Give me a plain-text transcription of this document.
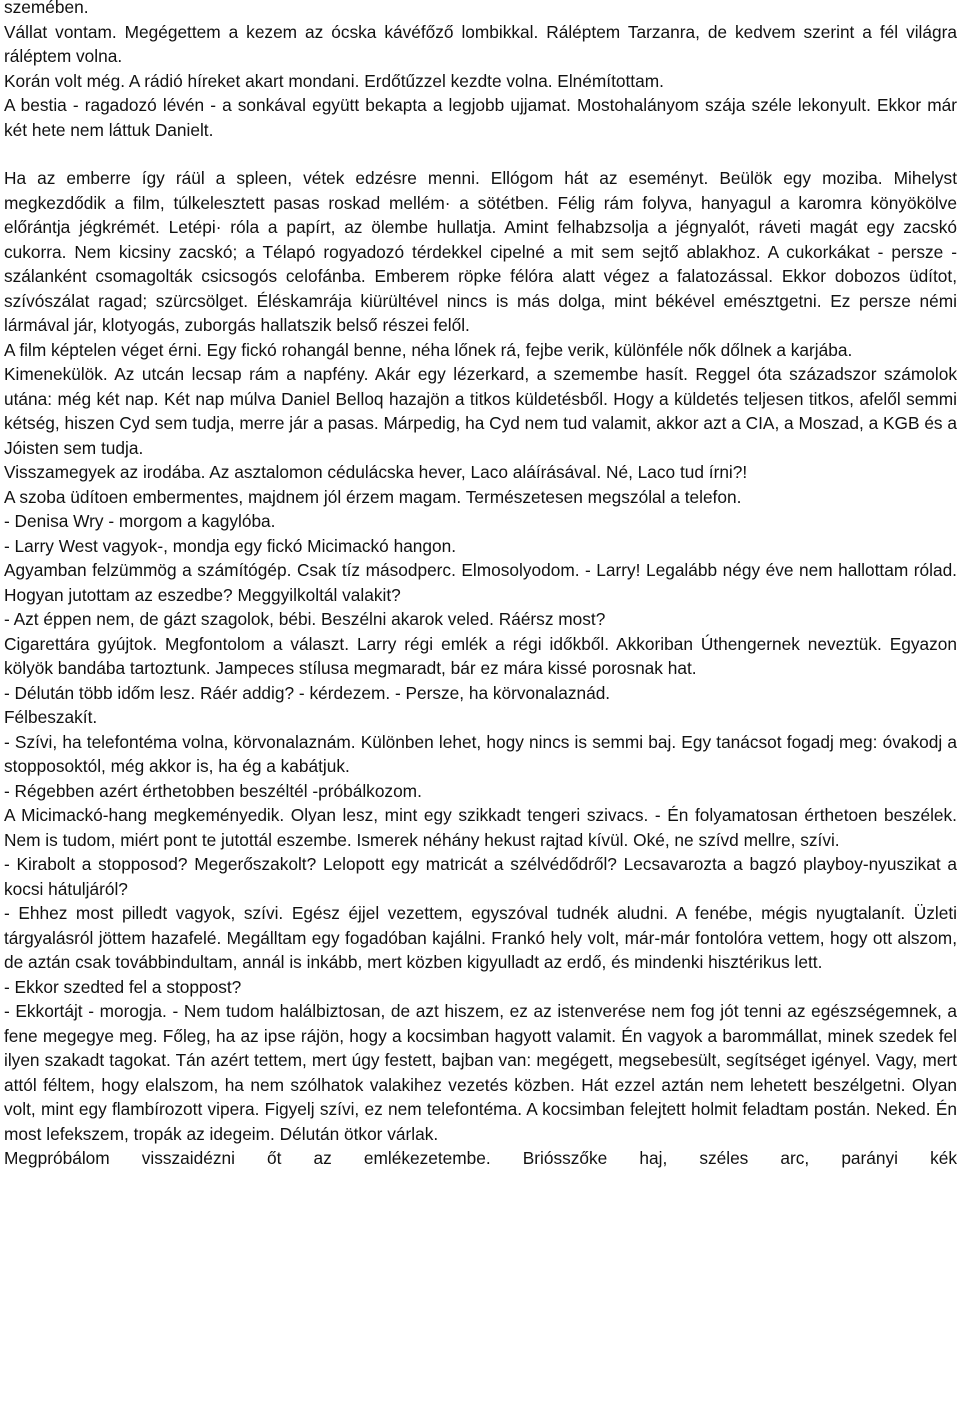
szemében.

Vállat vontam. Megégettem a kezem az ócska kávéfőző lombikkal. Ráléptem Tarzanra, de kedvem szerint a fél világra ráléptem volna.

Korán volt még. A rádió híreket akart mondani. Erdőtűzzel kezdte volna. Elnémítottam.

A bestia - ragadozó lévén - a sonkával együtt bekapta a legjobb ujjamat. Mostohalányom szája széle lekonyult. Ekkor már két hete nem láttuk Danielt.

Ha az emberre így ráül a spleen, vétek edzésre menni. Ellógom hát az eseményt. Beülök egy moziba. Mihelyst megkezdődik a film, túlkelesztett pasas roskad mellém· a sötétben. Félig rám folyva, hanyagul a karomra könyökölve előrántja jégkrémét. Letépi· róla a papírt, az ölembe hullatja. Amint felhabzsolja a jégnyalót, ráveti magát egy zacskó cukorra. Nem kicsiny zacskó; a Télapó rogyadozó térdekkel cipelné a mit sem sejtő ablakhoz. A cukorkákat - persze - szálanként csomagolták csicsogós celofánba. Emberem röpke félóra alatt végez a falatozással. Ekkor dobozos üdítot, szívószálat ragad; szürcsölget. Éléskamrája kiürültével nincs is más dolga, mint békével emésztgetni. Ez persze némi lármával jár, klotyogás, zuborgás hallatszik belső részei felől.

A film képtelen véget érni. Egy fickó rohangál benne, néha lőnek rá, fejbe verik, különféle nők dőlnek a karjába.

Kimenekülök. Az utcán lecsap rám a napfény. Akár egy lézerkard, a szemembe hasít. Reggel óta századszor számolok utána: még két nap. Két nap múlva Daniel Belloq hazajön a titkos küldetésből. Hogy a küldetés teljesen titkos, afelől semmi kétség, hiszen Cyd sem tudja, merre jár a pasas. Márpedig, ha Cyd nem tud valamit, akkor azt a CIA, a Moszad, a KGB és a Jóisten sem tudja.

Visszamegyek az irodába. Az asztalomon cédulácska hever, Laco aláírásával. Né, Laco tud írni?!

A szoba üdítoen embermentes, majdnem jól érzem magam. Természetesen megszólal a telefon.

- Denisa Wry - morgom a kagylóba.

- Larry West vagyok-, mondja egy fickó Micimackó hangon.

Agyamban felzümmög a számítógép. Csak tíz másodperc. Elmosolyodom. - Larry! Legalább négy éve nem hallottam rólad. Hogyan jutottam az eszedbe? Meggyilkoltál valakit?

- Azt éppen nem, de gázt szagolok, bébi. Beszélni akarok veled. Ráérsz most?

Cigarettára gyújtok. Megfontolom a választ. Larry régi emlék a régi időkből. Akkoriban Úthengernek neveztük. Egyazon kölyök bandába tartoztunk. Jampeces stílusa megmaradt, bár ez mára kissé porosnak hat.

- Délután több időm lesz. Ráér addig? - kérdezem. - Persze, ha körvonalaznád.

Félbeszakít.

- Szívi, ha telefontéma volna, körvonalaznám. Különben lehet, hogy nincs is semmi baj. Egy tanácsot fogadj meg: óvakodj a stopposoktól, még akkor is, ha ég a kabátjuk.

- Régebben azért érthetobben beszéltél -próbálkozom.

A Micimackó-hang megkeményedik. Olyan lesz, mint egy szikkadt tengeri szivacs. - Én folyamatosan érthetoen beszélek. Nem is tudom, miért pont te jutottál eszembe. Ismerek néhány hekust rajtad kívül. Oké, ne szívd mellre, szívi.

- Kirabolt a stopposod? Megerőszakolt? Lelopott egy matricát a szélvédődről? Lecsavarozta a bagzó playboy-nyuszikat a kocsi hátuljáról?

- Ehhez most pilledt vagyok, szívi. Egész éjjel vezettem, egyszóval tudnék aludni. A fenébe, mégis nyugtalanít. Üzleti tárgyalásról jöttem hazafelé. Megálltam egy fogadóban kajálni. Frankó hely volt, már-már fontolóra vettem, hogy ott alszom, de aztán csak továbbindultam, annál is inkább, mert közben kigyulladt az erdő, és mindenki hisztérikus lett.

- Ekkor szedted fel a stoppost?

- Ekkortájt - morogja. - Nem tudom halálbiztosan, de azt hiszem, ez az istenverése nem fog jót tenni az egészségemnek, a fene megegye meg. Főleg, ha az ipse rájön, hogy a kocsimban hagyott valamit. Én vagyok a barommállat, minek szedek fel ilyen szakadt tagokat. Tán azért tettem, mert úgy festett, bajban van: megégett, megsebesült, segítséget igényel. Vagy, mert attól féltem, hogy elalszom, ha nem szólhatok valakihez vezetés közben. Hát ezzel aztán nem lehetett beszélgetni. Olyan volt, mint egy flambírozott vipera. Figyelj szívi, ez nem telefontéma. A kocsimban felejtett holmit feladtam postán. Neked. Én most lefekszem, tropák az idegeim. Délután ötkor várlak.

Megpróbálom visszaidézni őt az emlékezetembe. Briósszőke haj, széles arc, parányi kék
